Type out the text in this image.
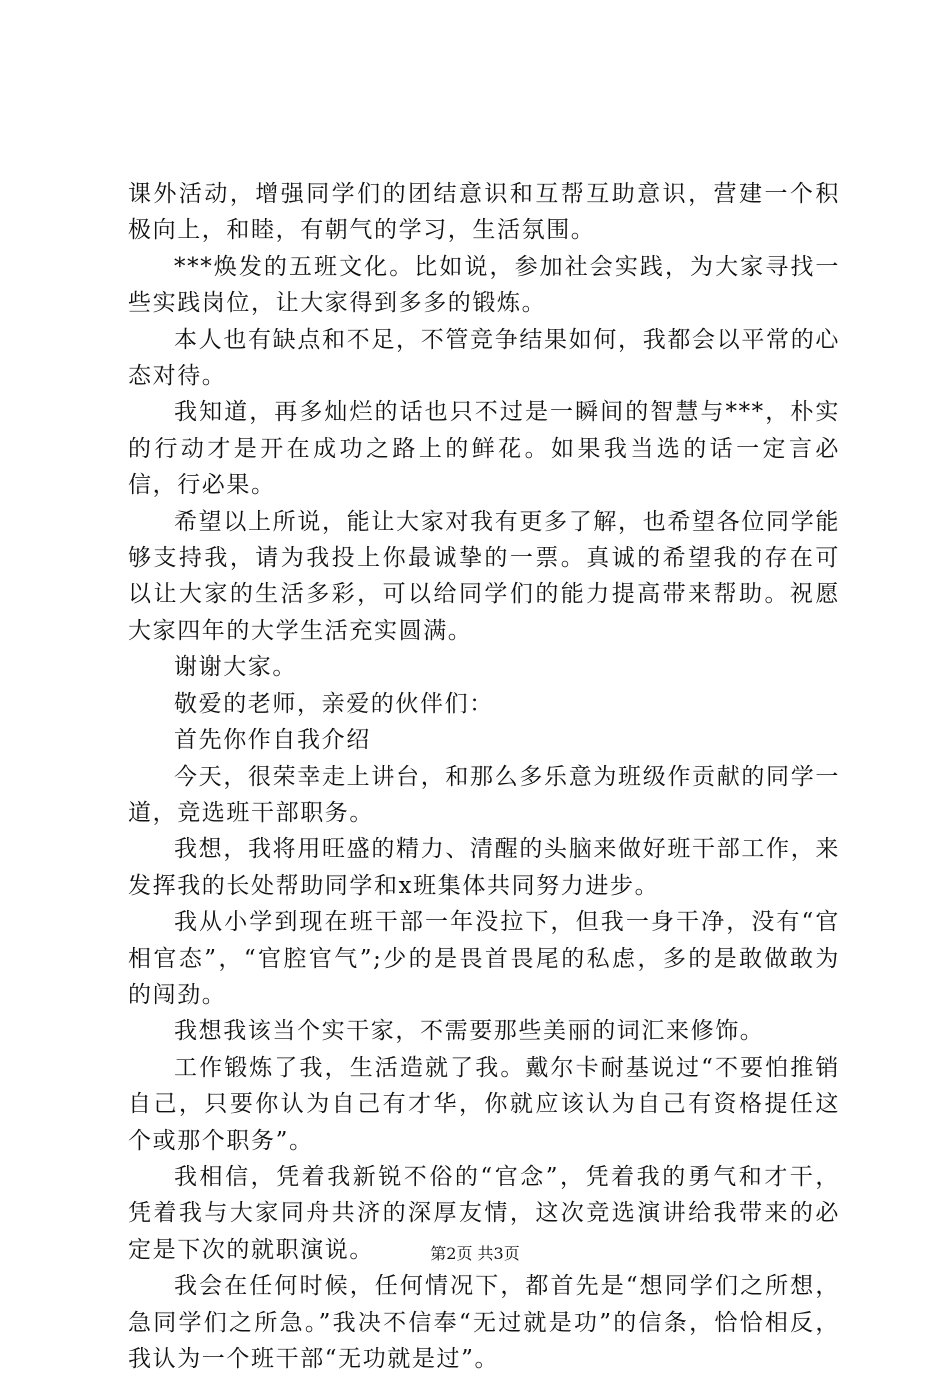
课外活动，增强同学们的团结意识和互帮互助意识，营建一个积极向上，和睦，有朝气的学习，生活氛围。

***焕发的五班文化。比如说，参加社会实践，为大家寻找一些实践岗位，让大家得到多多的锻炼。

本人也有缺点和不足，不管竞争结果如何，我都会以平常的心态对待。

我知道，再多灿烂的话也只不过是一瞬间的智慧与***，朴实的行动才是开在成功之路上的鲜花。如果我当选的话一定言必信，行必果。

希望以上所说，能让大家对我有更多了解，也希望各位同学能够支持我，请为我投上你最诚挚的一票。真诚的希望我的存在可以让大家的生活多彩，可以给同学们的能力提高带来帮助。祝愿大家四年的大学生活充实圆满。

谢谢大家。

敬爱的老师，亲爱的伙伴们：

首先你作自我介绍

今天，很荣幸走上讲台，和那么多乐意为班级作贡献的同学一道，竞选班干部职务。

我想，我将用旺盛的精力、清醒的头脑来做好班干部工作，来发挥我的长处帮助同学和x班集体共同努力进步。

我从小学到现在班干部一年没拉下，但我一身干净，没有“官相官态”，“官腔官气”;少的是畏首畏尾的私虑，多的是敢做敢为的闯劲。

我想我该当个实干家，不需要那些美丽的词汇来修饰。

工作锻炼了我，生活造就了我。戴尔卡耐基说过“不要怕推销自己，只要你认为自己有才华，你就应该认为自己有资格提任这个或那个职务”。

我相信，凭着我新锐不俗的“官念”，凭着我的勇气和才干，凭着我与大家同舟共济的深厚友情，这次竞选演讲给我带来的必定是下次的就职演说。

我会在任何时候，任何情况下，都首先是“想同学们之所想，急同学们之所急。”我决不信奉“无过就是功”的信条，恰恰相反，我认为一个班干部“无功就是过”。

第2页 共3页
